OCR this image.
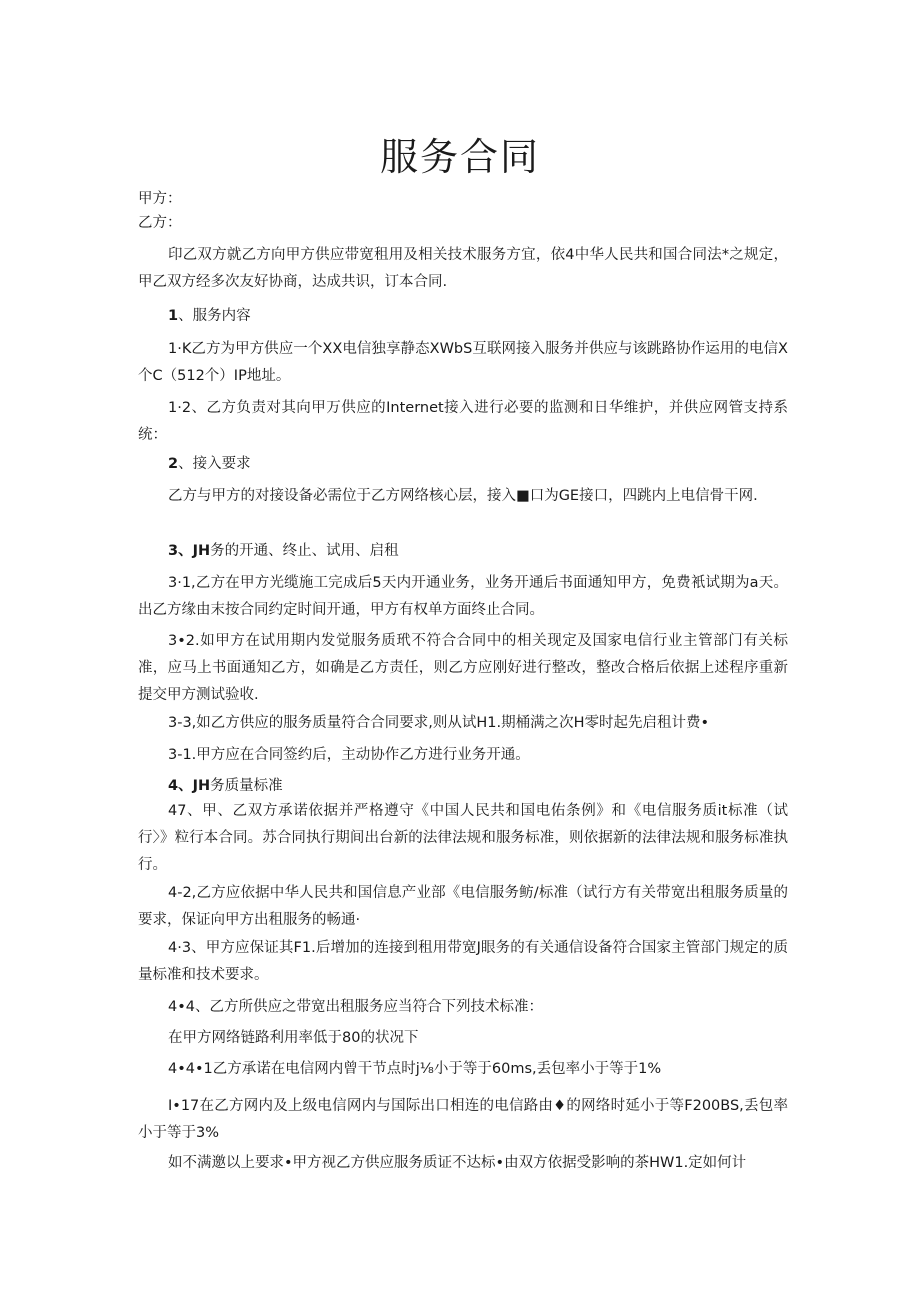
服务合同

甲方：

乙方：

印乙双方就乙方向甲方供应带宽租用及相关技术服务方宜，依4中华人民共和国合同法*之规定，甲乙双方经多次友好协商，达成共识，订本合同.

1、服务内容

1·K乙方为甲方供应一个XX电信独享静态XWbS互联网接入服务并供应与该跳路协作运用的电信X个C（512个）IP地址。

1·2、乙方负责对其向甲万供应的Internet接入进行必要的监测和日华维护，并供应网管支持系统：

2、接入要求

乙方与甲方的对接设备必需位于乙方网络核心层，接入■口为GE接口，四跳内上电信骨干网.

3、JH务的开通、终止、试用、启租

3·1,乙方在甲方光缆施工完成后5天内开通业务，业务开通后书面通知甲方，免费衹试期为a天。出乙方缘由末按合同约定时间开通，甲方有权单方面终止合同。

3•2.如甲方在试用期内发觉服务质玳不符合合同中的相关现定及国家电信行业主管部门有关标准，应马上书面通知乙方，如确是乙方责任，则乙方应刚好进行整改，整改合格后依据上述程序重新提交甲方测试验收.

3-3,如乙方供应的服务质量符合合同要求,则从试H1.期桶满之次H零时起先启租计费•

3-1.甲方应在合同签约后，主动协作乙方进行业务开通。

4、JH务质量标准

47、甲、乙双方承诺依据并严格遵守《中国人民共和国电佑条例》和《电信服务质it标准（试行〉》粒行本合同。苏合同执行期间出台新的法律法规和服务标准，则依据新的法律法规和服务标准执行。

4-2,乙方应依据中华人民共和国信息产业部《电信服务鲂/标准（试行方有关带宽出租服务质量的要求，保证向甲方出租服务的畅通·

4·3、甲方应保证其F1.后增加的连接到租用带宽J眼务的有关通信设备符合国家主管部门规定的质量标准和技术要求。

4•4、乙方所供应之带宽出租服务应当符合下列技术标准：

在甲方网络链路利用率低于80的状况下

4•4•1乙方承诺在电信网内曾干节点时j⅛小于等于60ms,丢包率小于等于1%

I•17在乙方网内及上级电信网内与国际出口相连的电信路由♦的网络时延小于等F200BS,丢包率小于等于3%

如不满邀以上要求•甲方视乙方供应服务质证不达标•由双方依据受影响的茶HW1.定如何计
